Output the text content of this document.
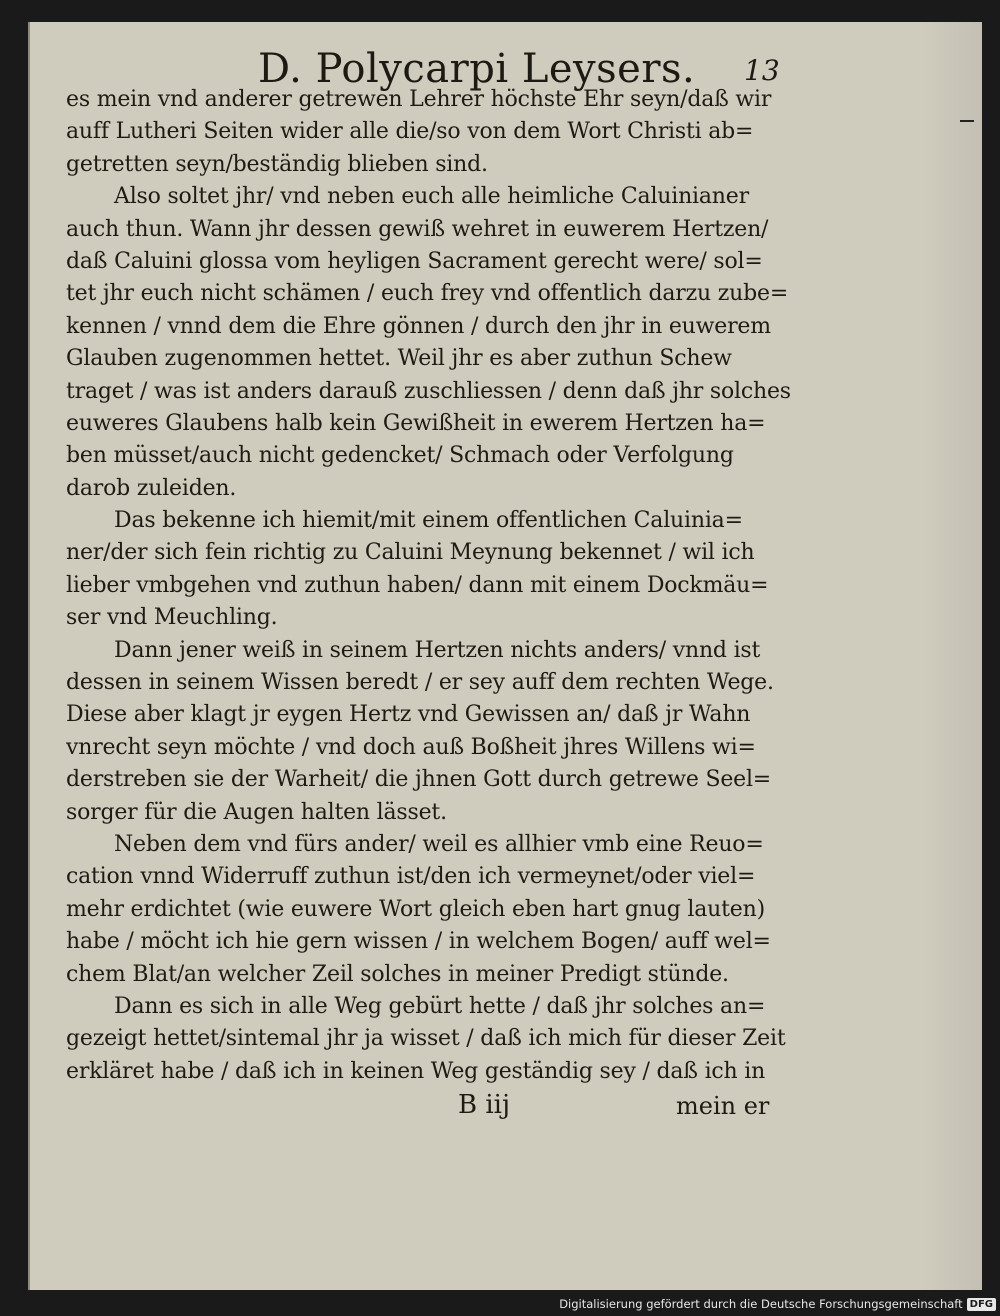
D. Polycarpi Leysers. 13
es mein vnd anderer getrewen Lehrer höchste Ehr seyn/daß wir
auff Lutheri Seiten wider alle die/so von dem Wort Christi ab=
getretten seyn/beständig blieben sind.
Also soltet jhr/ vnd neben euch alle heimliche Caluinianer
auch thun. Wann jhr dessen gewiß wehret in euwerem Hertzen/
daß Caluini glossa vom heyligen Sacrament gerecht were/ sol=
tet jhr euch nicht schämen / euch frey vnd offentlich darzu zube=
kennen / vnnd dem die Ehre gönnen / durch den jhr in euwerem
Glauben zugenommen hettet. Weil jhr es aber zuthun Schew
traget / was ist anders darauß zuschliessen / denn daß jhr solches
euweres Glaubens halb kein Gewißheit in ewerem Hertzen ha=
ben müsset/auch nicht gedencket/ Schmach oder Verfolgung
darob zuleiden.
Das bekenne ich hiemit/mit einem offentlichen Caluinia=
ner/der sich fein richtig zu Caluini Meynung bekennet / wil ich
lieber vmbgehen vnd zuthun haben/ dann mit einem Dockmäu=
ser vnd Meuchling.
Dann jener weiß in seinem Hertzen nichts anders/ vnnd ist
dessen in seinem Wissen beredt / er sey auff dem rechten Wege.
Diese aber klagt jr eygen Hertz vnd Gewissen an/ daß jr Wahn
vnrecht seyn möchte / vnd doch auß Boßheit jhres Willens wi=
derstreben sie der Warheit/ die jhnen Gott durch getrewe Seel=
sorger für die Augen halten lässet.
Neben dem vnd fürs ander/ weil es allhier vmb eine Reuo=
cation vnnd Widerruff zuthun ist/den ich vermeynet/oder viel=
mehr erdichtet (wie euwere Wort gleich eben hart gnug lauten)
habe / möcht ich hie gern wissen / in welchem Bogen/ auff wel=
chem Blat/an welcher Zeil solches in meiner Predigt stünde.
Dann es sich in alle Weg gebürt hette / daß jhr solches an=
gezeigt hettet/sintemal jhr ja wisset / daß ich mich für dieser Zeit
erkläret habe / daß ich in keinen Weg geständig sey / daß ich in
B iij	mein er
Digitalisierung gefördert durch die Deutsche Forschungsgemeinschaft DFG
